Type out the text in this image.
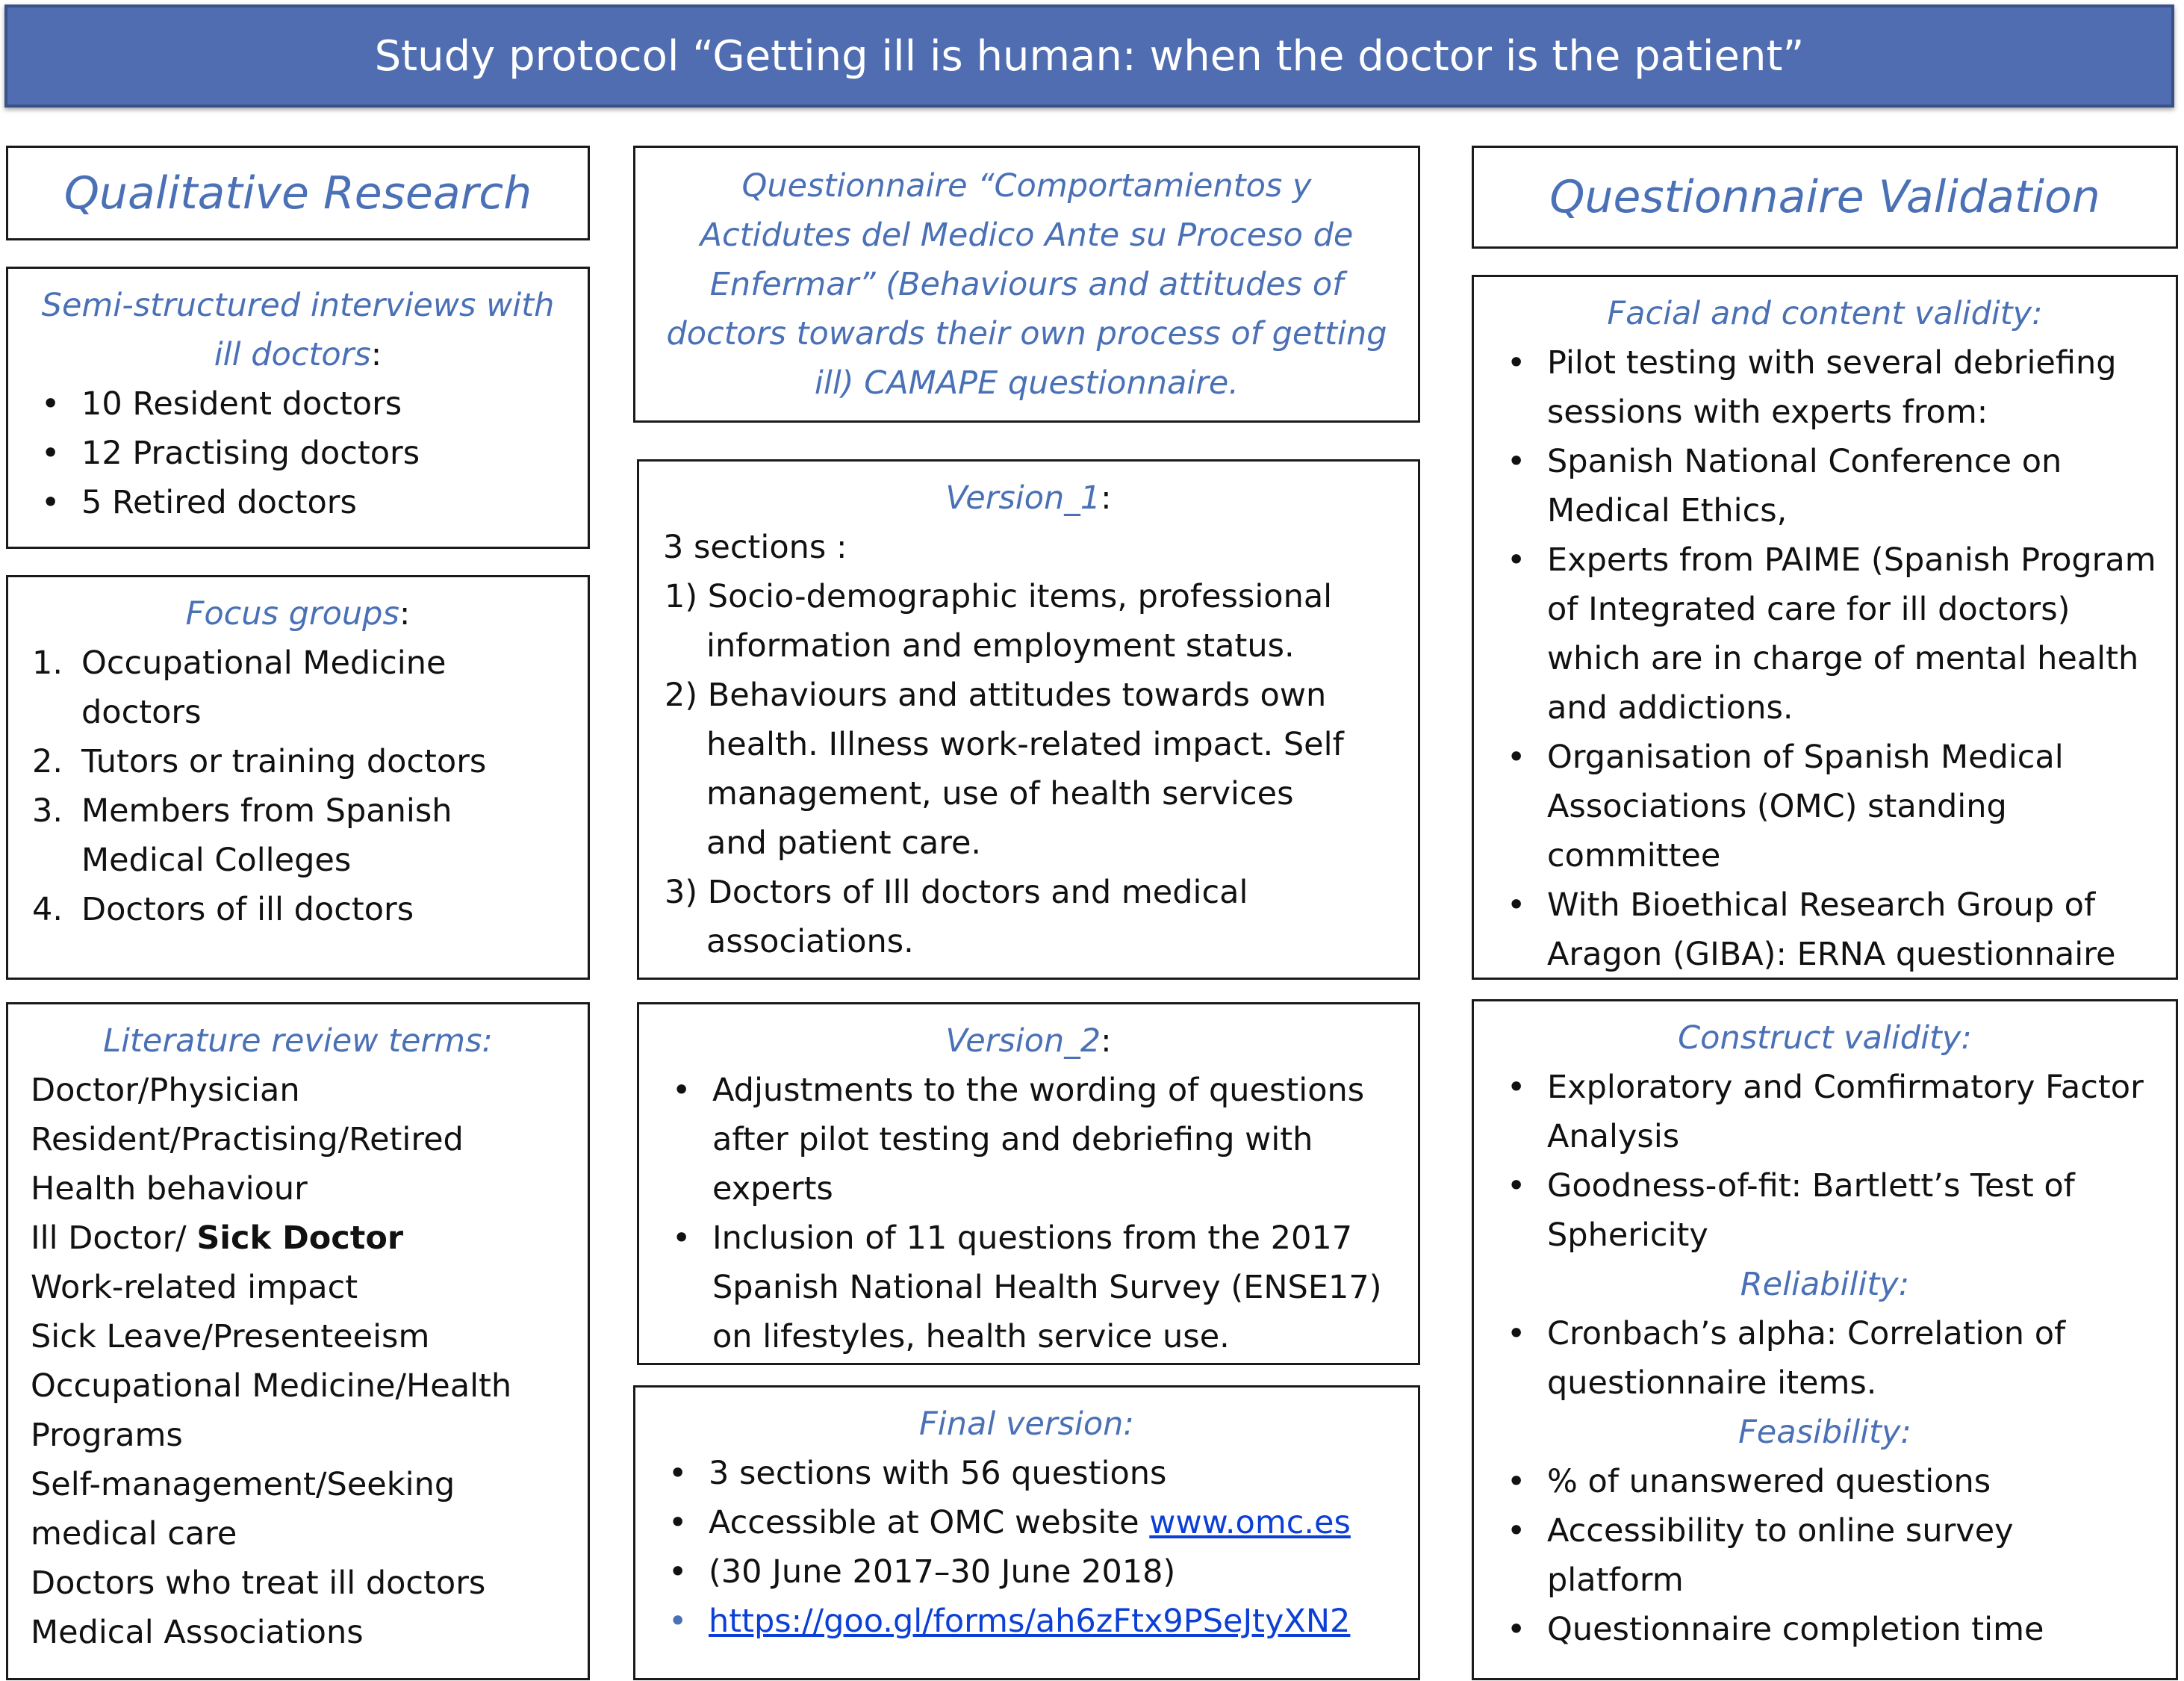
Study protocol “Getting ill is human: when the doctor is the patient”
Qualitative Research
Semi-structured interviews with ill doctors:
• 10 Resident doctors
• 12 Practising doctors
• 5 Retired doctors
Focus groups:
1. Occupational Medicine doctors
2. Tutors or training doctors
3. Members from Spanish Medical Colleges
4. Doctors of ill doctors
Literature review terms:
Doctor/Physician
Resident/Practising/Retired
Health behaviour
Ill Doctor/ Sick Doctor
Work-related impact
Sick Leave/Presenteeism
Occupational Medicine/Health Programs
Self-management/Seeking medical care
Doctors who treat ill doctors
Medical Associations
Questionnaire “Comportamientos y Actidutes del Medico Ante su Proceso de Enfermar” (Behaviours and attitudes of doctors towards their own process of getting ill) CAMAPE questionnaire.
Version_1:
3 sections :
1) Socio-demographic items, professional information and employment status.
2) Behaviours and attitudes towards own health. Illness work-related impact. Self management, use of health services and patient care.
3) Doctors of Ill doctors and medical associations.
Version_2:
• Adjustments to the wording of questions after pilot testing and debriefing with experts
• Inclusion of 11 questions from the 2017 Spanish National Health Survey (ENSE17) on lifestyles, health service use.
Final version:
• 3 sections with 56 questions
• Accessible at OMC website www.omc.es
• (30 June 2017–30 June 2018)
• https://goo.gl/forms/ah6zFtx9PSeJtyXN2
Questionnaire Validation
Facial and content validity:
• Pilot testing with several debriefing sessions with experts from:
• Spanish National Conference on Medical Ethics,
• Experts from PAIME (Spanish Program of Integrated care for ill doctors) which are in charge of mental health and addictions.
• Organisation of Spanish Medical Associations (OMC) standing committee
• With Bioethical Research Group of Aragon (GIBA): ERNA questionnaire
Construct validity:
• Exploratory and Comfirmatory Factor Analysis
• Goodness-of-fit: Bartlett’s Test of Sphericity
Reliability:
• Cronbach’s alpha: Correlation of questionnaire items.
Feasibility:
• % of unanswered questions
• Accessibility to online survey platform
• Questionnaire completion time
